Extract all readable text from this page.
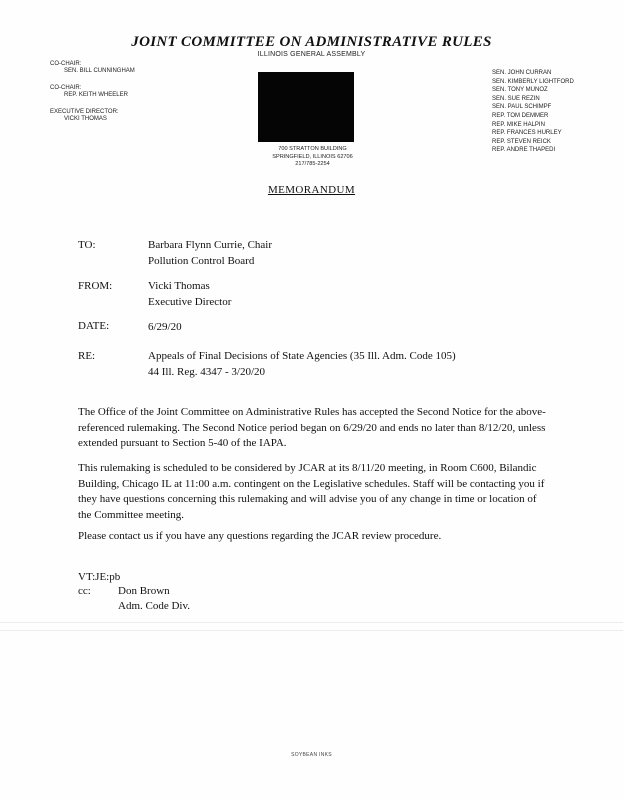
JOINT COMMITTEE ON ADMINISTRATIVE RULES
ILLINOIS GENERAL ASSEMBLY
CO-CHAIR:
SEN. BILL CUNNINGHAM
CO-CHAIR:
REP. KEITH WHEELER
EXECUTIVE DIRECTOR:
VICKI THOMAS
SEN. JOHN CURRAN
SEN. KIMBERLY LIGHTFORD
SEN. TONY MUNOZ
SEN. SUE REZIN
SEN. PAUL SCHIMPF
REP. TOM DEMMER
REP. MIKE HALPIN
REP. FRANCES HURLEY
REP. STEVEN REICK
REP. ANDRE THAPEDI
700 STRATTON BUILDING
SPRINGFIELD, ILLINOIS 62706
217/785-2254
MEMORANDUM
TO:	Barbara Flynn Currie, Chair
Pollution Control Board
FROM:	Vicki Thomas
Executive Director
DATE:	6/29/20
RE:	Appeals of Final Decisions of State Agencies (35 Ill. Adm. Code 105)
44 Ill. Reg. 4347 - 3/20/20
The Office of the Joint Committee on Administrative Rules has accepted the Second Notice for the above-referenced rulemaking. The Second Notice period began on 6/29/20 and ends no later than 8/12/20, unless extended pursuant to Section 5-40 of the IAPA.
This rulemaking is scheduled to be considered by JCAR at its 8/11/20 meeting, in Room C600, Bilandic Building, Chicago IL at 11:00 a.m. contingent on the Legislative schedules. Staff will be contacting you if they have questions concerning this rulemaking and will advise you of any change in time or location of the Committee meeting.
Please contact us if you have any questions regarding the JCAR review procedure.
VT:JE:pb
cc: Don Brown
Adm. Code Div.
SOYBEAN INKS
